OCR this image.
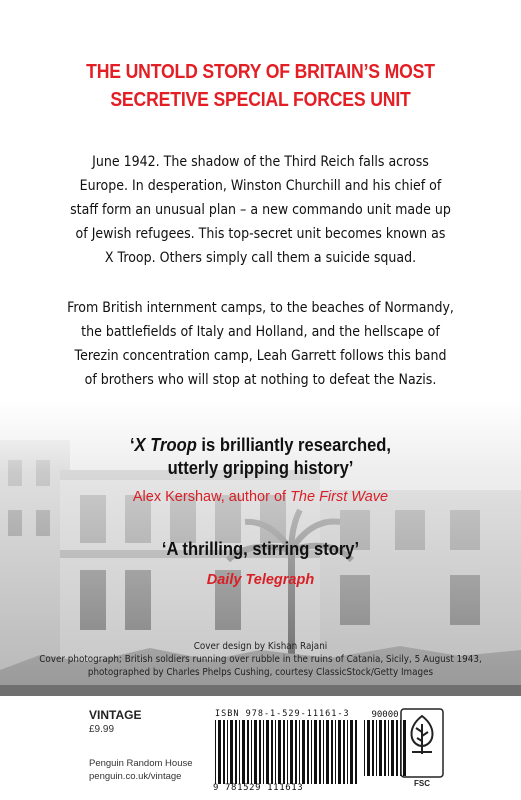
THE UNTOLD STORY OF BRITAIN’S MOST
SECRETIVE SPECIAL FORCES UNIT
June 1942. The shadow of the Third Reich falls across
Europe. In desperation, Winston Churchill and his chief of
staff form an unusual plan – a new commando unit made up
of Jewish refugees. This top-secret unit becomes known as
X Troop. Others simply call them a suicide squad.
From British internment camps, to the beaches of Normandy,
the battlefields of Italy and Holland, and the hellscape of
Terezin concentration camp, Leah Garrett follows this band
of brothers who will stop at nothing to defeat the Nazis.
‘X Troop is brilliantly researched,
utterly gripping history’
Alex Kershaw, author of The First Wave
‘A thrilling, stirring story’
Daily Telegraph
Cover design by Kishan Rajani
Cover photograph; British soldiers running over rubble in the ruins of Catania, Sicily, 5 August 1943,
photographed by Charles Phelps Cushing, courtesy ClassicStock/Getty Images
VINTAGE
£9.99
Penguin Random House
penguin.co.uk/vintage
ISBN 978-1-529-11161-3
9 781529 111613
90000
FSC
